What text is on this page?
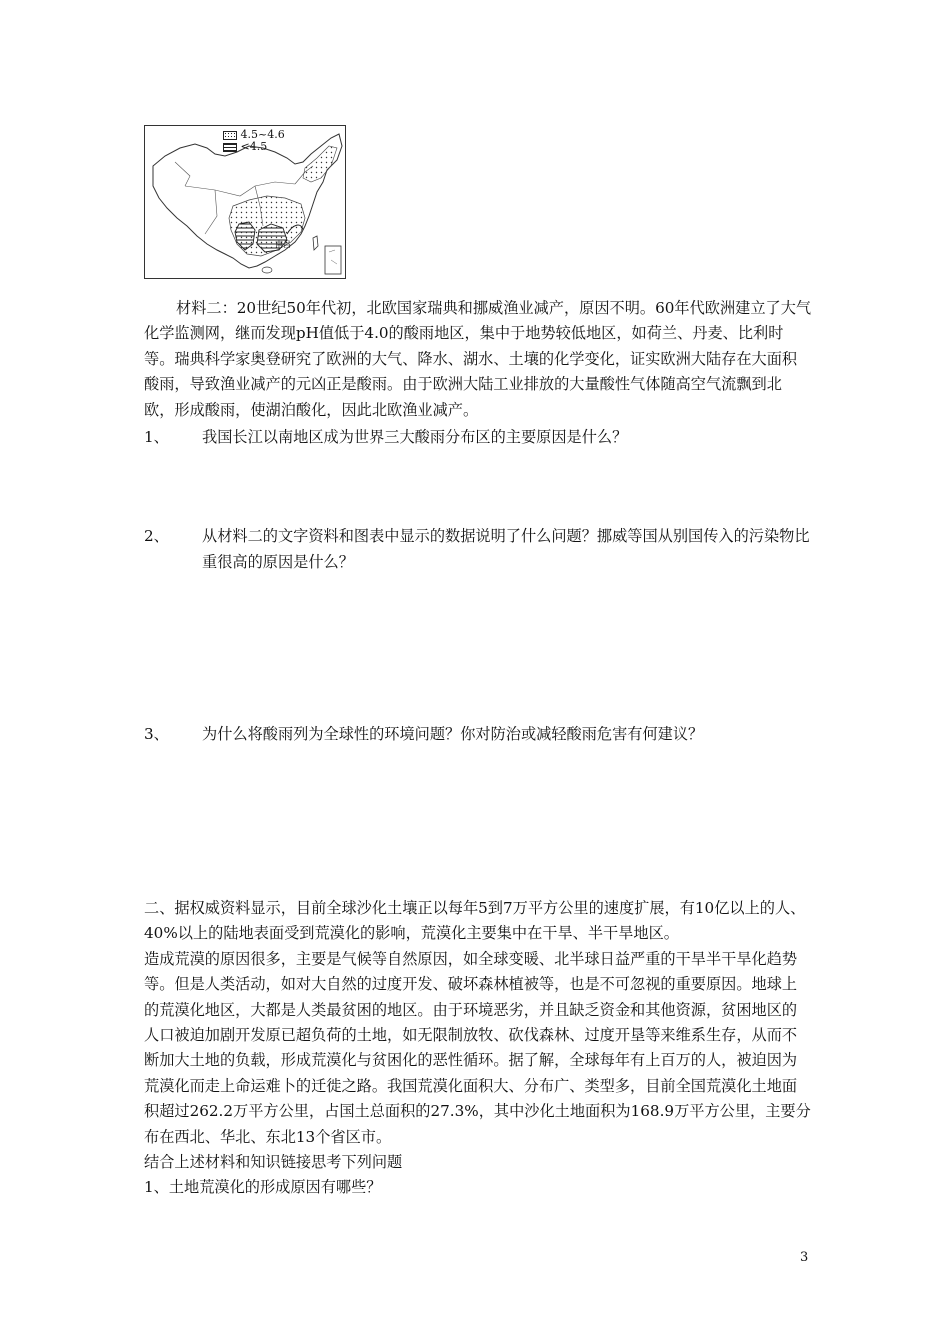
4.5~4.6
<4.5
南昌

材料二：20世纪50年代初，北欧国家瑞典和挪威渔业减产，原因不明。60年代欧洲建立了大气化学监测网，继而发现pH值低于4.0的酸雨地区，集中于地势较低地区，如荷兰、丹麦、比利时等。瑞典科学家奥登研究了欧洲的大气、降水、湖水、土壤的化学变化，证实欧洲大陆存在大面积酸雨，导致渔业减产的元凶正是酸雨。由于欧洲大陆工业排放的大量酸性气体随高空气流飘到北欧，形成酸雨，使湖泊酸化，因此北欧渔业减产。

1、	我国长江以南地区成为世界三大酸雨分布区的主要原因是什么？
2、	从材料二的文字资料和图表中显示的数据说明了什么问题？挪威等国从别国传入的污染物比重很高的原因是什么？
3、	为什么将酸雨列为全球性的环境问题？你对防治或减轻酸雨危害有何建议？

二、据权威资料显示，目前全球沙化土壤正以每年5到7万平方公里的速度扩展，有10亿以上的人、40%以上的陆地表面受到荒漠化的影响，荒漠化主要集中在干旱、半干旱地区。

造成荒漠的原因很多，主要是气候等自然原因，如全球变暖、北半球日益严重的干旱半干旱化趋势等。但是人类活动，如对大自然的过度开发、破坏森林植被等，也是不可忽视的重要原因。地球上的荒漠化地区，大都是人类最贫困的地区。由于环境恶劣，并且缺乏资金和其他资源，贫困地区的人口被迫加剧开发原已超负荷的土地，如无限制放牧、砍伐森林、过度开垦等来维系生存，从而不断加大土地的负载，形成荒漠化与贫困化的恶性循环。据了解，全球每年有上百万的人，被迫因为荒漠化而走上命运难卜的迁徙之路。我国荒漠化面积大、分布广、类型多，目前全国荒漠化土地面积超过262.2万平方公里，占国土总面积的27.3%，其中沙化土地面积为168.9万平方公里，主要分布在西北、华北、东北13个省区市。

结合上述材料和知识链接思考下列问题

1、土地荒漠化的形成原因有哪些？

3
